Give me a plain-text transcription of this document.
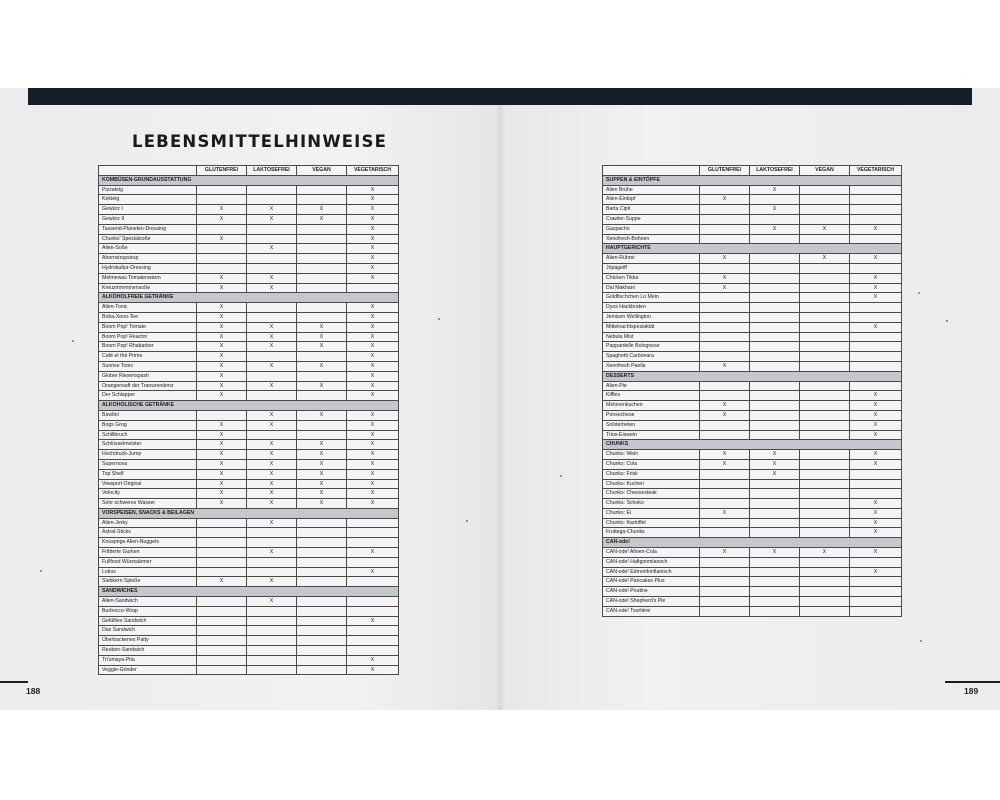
LEBENSMITTELHINWEISE
	GLUTENFREI	LAKTOSEFREI	VEGAN	VEGETARISCH
KOMBÜSEN-GRUNDAUSSTATTUNG				
Pizzateig				X
Kekteig				X
Gewürz I	X	X	X	X
Gewürz II	X	X	X	X
Tausend-Planeten-Dressing				X
Chunks' Spezialsoße	X			X
Alien-Soße		X		X
Ahornsirupsirup				X
Hydrokultur-Dressing				X
Melmewas Tomatenwärm	X	X		X
Kreuzmmmmensoße	X	X		
ALKOHOLFREIE GETRÄNKE				
Alien-Tonic	X			X
Boba-Xeno-Tee	X			X
Boom Pop! Tomate	X	X	X	X
Boom Pop! Reactor	X	X	X	X
Boom Pop! Rhabarber	X	X	X	X
Café et thé Prime	X			X
Sunrise Tonic	X	X	X	X
Glober Riesenspash	X			X
Orangensaft der Transzendenz	X	X	X	X
Der Schlapper	X			X
ALKOHOLISCHE GETRÄNKE				
Bawtini		X	X	X
Bogs Grog	X	X		X
Schillbruch	X			X
Schlüsselmeister	X	X	X	X
Hochdruck-Jump	X	X	X	X
Supernova	X	X	X	X
Top Shelf	X	X	X	X
Viewport Original	X	X	X	X
Velocity	X	X	X	X
Sehr schweres Wasser	X	X	X	X
VORSPEISEN, SNACKS & BEILAGEN				
Alien-Jerky		X		
Astral-Sticks				
Knusprige Alien-Nuggets				
Frittierte Gurken		X		X
Fullfood Würzwärmer				
Lokos				X
Siebkern Spieße	X	X		
SANDWICHES				
Alien-Sandwich		X		
Burbocco-Wrap				
Gefülltes Sandwich				X
Das Sandwich				
Überbackenes Patty				
Reuben-Sandwich				
Tri'smaya-Pita				X
Veggie-Grinder				X
	GLUTENFREI	LAKTOSEFREI	VEGAN	VEGETARISCH
SUPPEN & EINTÖPFE				
Alien Brühe		X		
Alien-Eintopf	X			
Barta Cipit		X		
Crawler-Suppe				
Gazpacho		X	X	X
Xenofresh-Bohnen				
HAUPTGERICHTE				
Alien-Rührei	X		X	X
Jöpägeiff				
Chicken Tikka	X			X
Dal Makhani	X			X
Goldfischchen Lo Mein				X
Dyos Hackbraten				
Jemison Wellington				
Mittelnachtspeziaktät				X
Nebula Mist				
Pappardelle Bolognese				
Spaghetti Carbonara				
Xenofresh Paella	X			
DESSERTS				
Alien-Pie				
Kiffles				X
Melonenkuchen	X			X
Ponsechese	X			X
Solsterbeten				X
Trios-Eiswein				X
CHUNKS				
Chunks: Wein	X	X		X
Chunks: Cola	X	X		X
Chunks: Frisk		X		
Chunks: Kuchen				
Chunks: Cheesesteak				
Chunks: Schoko				X
Chunks: Ei	X			X
Chunks: Kartoffel				X
Fruttega-Chunks				X
CAN-ode!				
CAN-ode! Alloen-Cola	X	X	X	X
CAN-ode! Hafigonmlansch				
CAN-ode! Edmonfonfianisch				X
CAN-ode! Pancakes Plus				
CAN-ode! Poutine				
CAN-ode! Shepherd's Pie				
CAN-ode! Tourtière				
188	189
